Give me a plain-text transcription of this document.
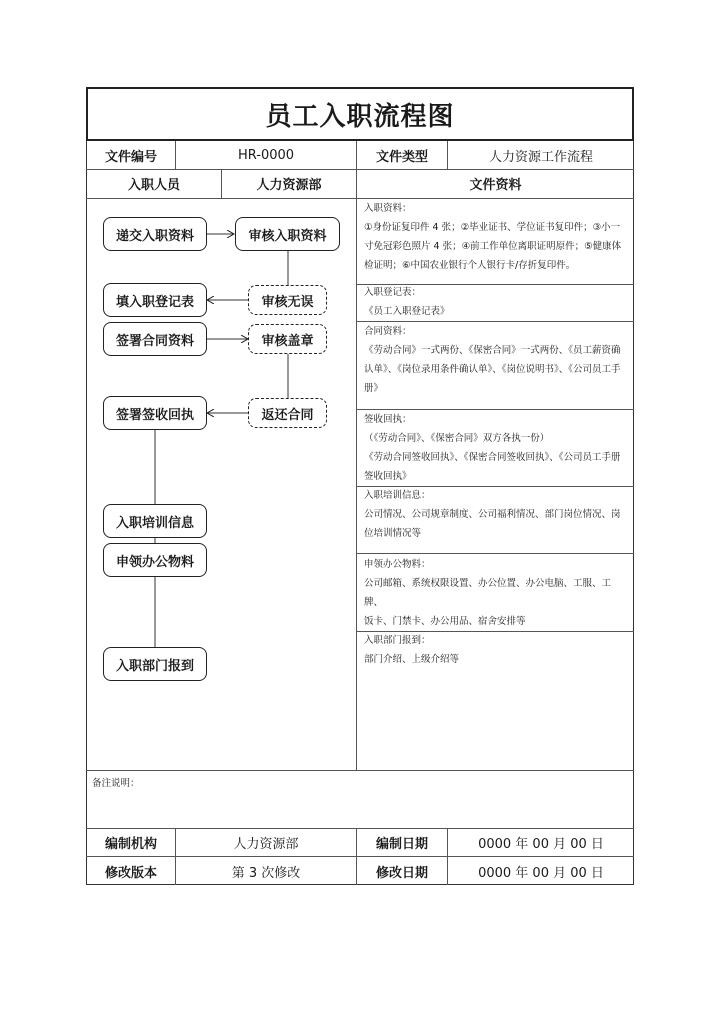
员工入职流程图
文件编号	HR-0000	文件类型	人力资源工作流程
入职人员	人力资源部	文件资料
递交入职资料	审核入职资料
填入职登记表	审核无误
签署合同资料	审核盖章
签署签收回执	返还合同
入职培训信息
申领办公物料
入职部门报到
入职资料：
①身份证复印件 4 张；②毕业证书、学位证书复印件；③小一
寸免冠彩色照片 4 张；④前工作单位离职证明原件；⑤健康体
检证明；⑥中国农业银行个人银行卡/存折复印件。
入职登记表：
《员工入职登记表》
合同资料：
《劳动合同》一式两份、《保密合同》一式两份、《员工薪资确
认单》、《岗位录用条件确认单》、《岗位说明书》、《公司员工手
册》
签收回执：
（《劳动合同》、《保密合同》双方各执一份）
《劳动合同签收回执》、《保密合同签收回执》、《公司员工手册
签收回执》
入职培训信息：
公司情况、公司规章制度、公司福利情况、部门岗位情况、岗
位培训情况等
申领办公物料：
公司邮箱、系统权限设置、办公位置、办公电脑、工服、工牌、
饭卡、门禁卡、办公用品、宿舍安排等
入职部门报到：
部门介绍、上级介绍等
备注说明：
编制机构	人力资源部	编制日期	0000 年 00 月 00 日
修改版本	第 3 次修改	修改日期	0000 年 00 月 00 日
